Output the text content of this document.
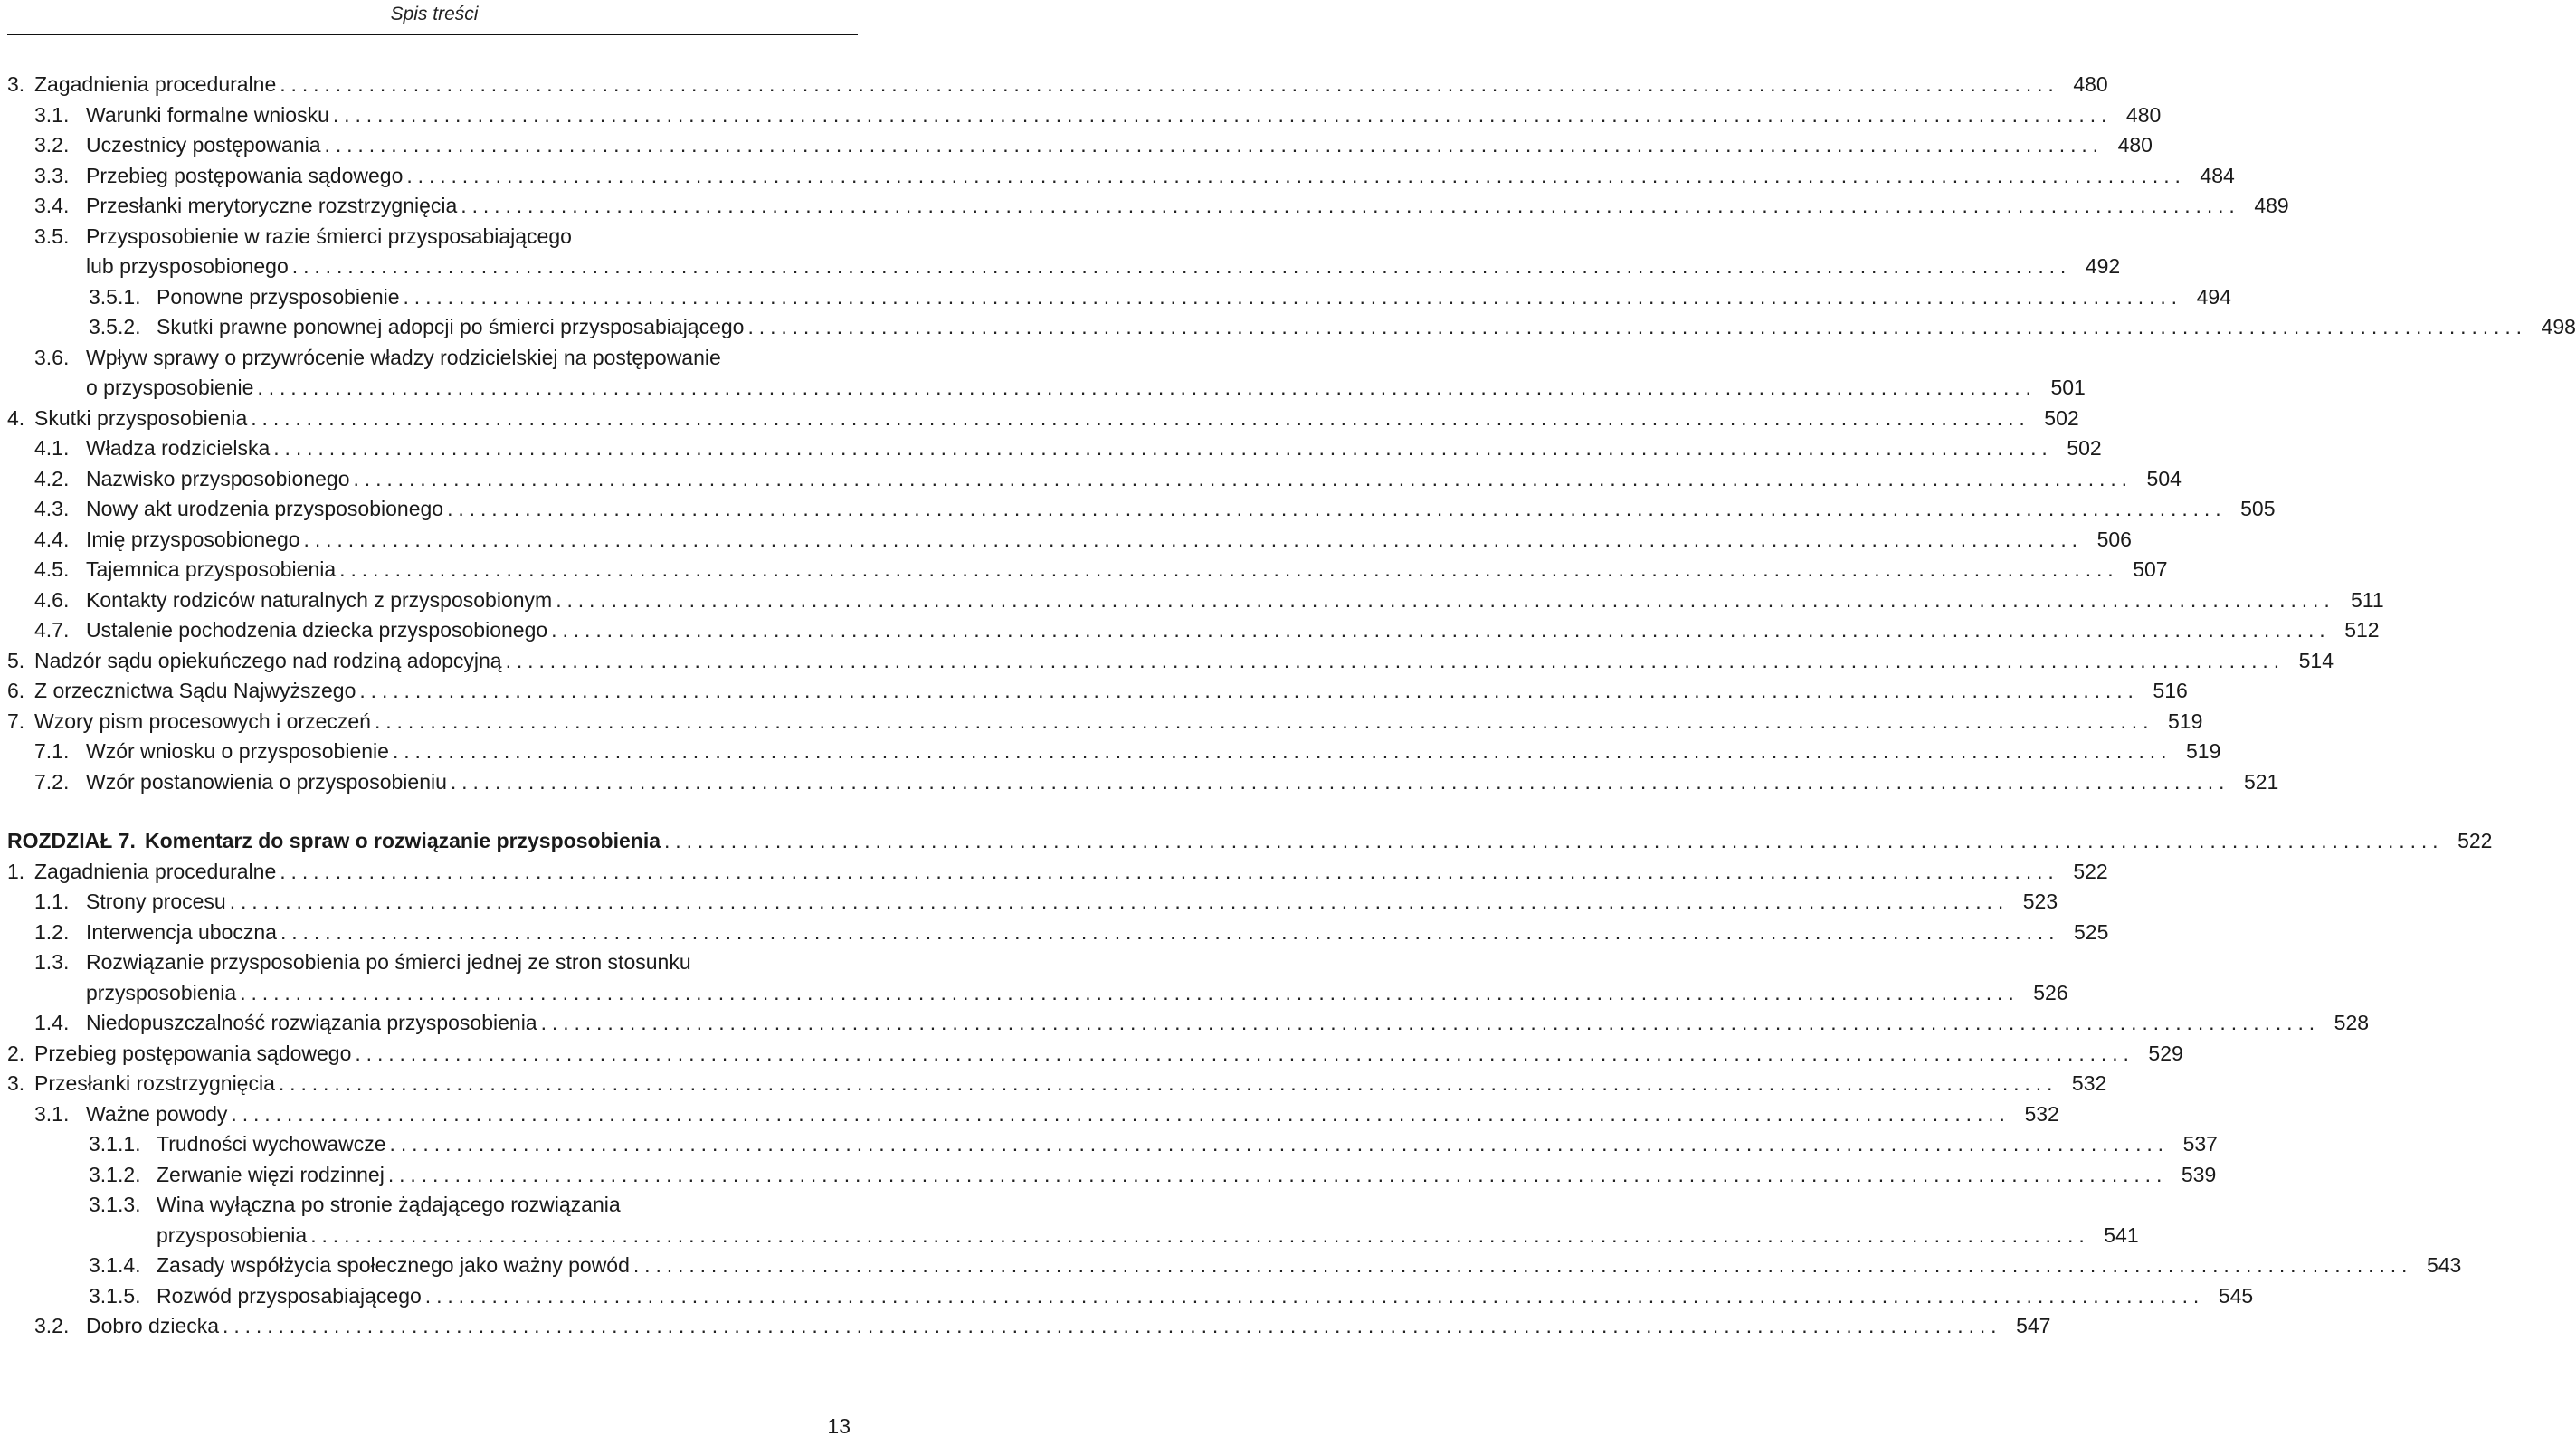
Spis treści
3. Zagadnienia proceduralne ................................................................................................................................................................ 480
3.1. Warunki formalne wniosku ................................................................................................................................................................ 480
3.2. Uczestnicy postępowania ................................................................................................................................................................ 480
3.3. Przebieg postępowania sądowego ................................................................................................................................................................ 484
3.4. Przesłanki merytoryczne rozstrzygnięcia ................................................................................................................................................................ 489
3.5. Przysposobienie w razie śmierci przysposabiającego
lub przysposobionego ................................................................................................................................................................ 492
3.5.1. Ponowne przysposobienie ................................................................................................................................................................ 494
3.5.2. Skutki prawne ponownej adopcji po śmierci przysposabiającego ................................................................................................................................................................ 498
3.6. Wpływ sprawy o przywrócenie władzy rodzicielskiej na postępowanie
o przysposobienie ................................................................................................................................................................ 501
4. Skutki przysposobienia ................................................................................................................................................................ 502
4.1. Władza rodzicielska ................................................................................................................................................................ 502
4.2. Nazwisko przysposobionego ................................................................................................................................................................ 504
4.3. Nowy akt urodzenia przysposobionego ................................................................................................................................................................ 505
4.4. Imię przysposobionego ................................................................................................................................................................ 506
4.5. Tajemnica przysposobienia ................................................................................................................................................................ 507
4.6. Kontakty rodziców naturalnych z przysposobionym ................................................................................................................................................................ 511
4.7. Ustalenie pochodzenia dziecka przysposobionego ................................................................................................................................................................ 512
5. Nadzór sądu opiekuńczego nad rodziną adopcyjną ................................................................................................................................................................ 514
6. Z orzecznictwa Sądu Najwyższego ................................................................................................................................................................ 516
7. Wzory pism procesowych i orzeczeń ................................................................................................................................................................ 519
7.1. Wzór wniosku o przysposobienie ................................................................................................................................................................ 519
7.2. Wzór postanowienia o przysposobieniu ................................................................................................................................................................ 521
ROZDZIAŁ 7. Komentarz do spraw o rozwiązanie przysposobienia ................................................................................................................................................................ 522
1. Zagadnienia proceduralne ................................................................................................................................................................ 522
1.1. Strony procesu ................................................................................................................................................................ 523
1.2. Interwencja uboczna ................................................................................................................................................................ 525
1.3. Rozwiązanie przysposobienia po śmierci jednej ze stron stosunku
przysposobienia ................................................................................................................................................................ 526
1.4. Niedopuszczalność rozwiązania przysposobienia ................................................................................................................................................................ 528
2. Przebieg postępowania sądowego ................................................................................................................................................................ 529
3. Przesłanki rozstrzygnięcia ................................................................................................................................................................ 532
3.1. Ważne powody ................................................................................................................................................................ 532
3.1.1. Trudności wychowawcze ................................................................................................................................................................ 537
3.1.2. Zerwanie więzi rodzinnej ................................................................................................................................................................ 539
3.1.3. Wina wyłączna po stronie żądającego rozwiązania
przysposobienia ................................................................................................................................................................ 541
3.1.4. Zasady współżycia społecznego jako ważny powód ................................................................................................................................................................ 543
3.1.5. Rozwód przysposabiającego ................................................................................................................................................................ 545
3.2. Dobro dziecka ................................................................................................................................................................ 547
13
